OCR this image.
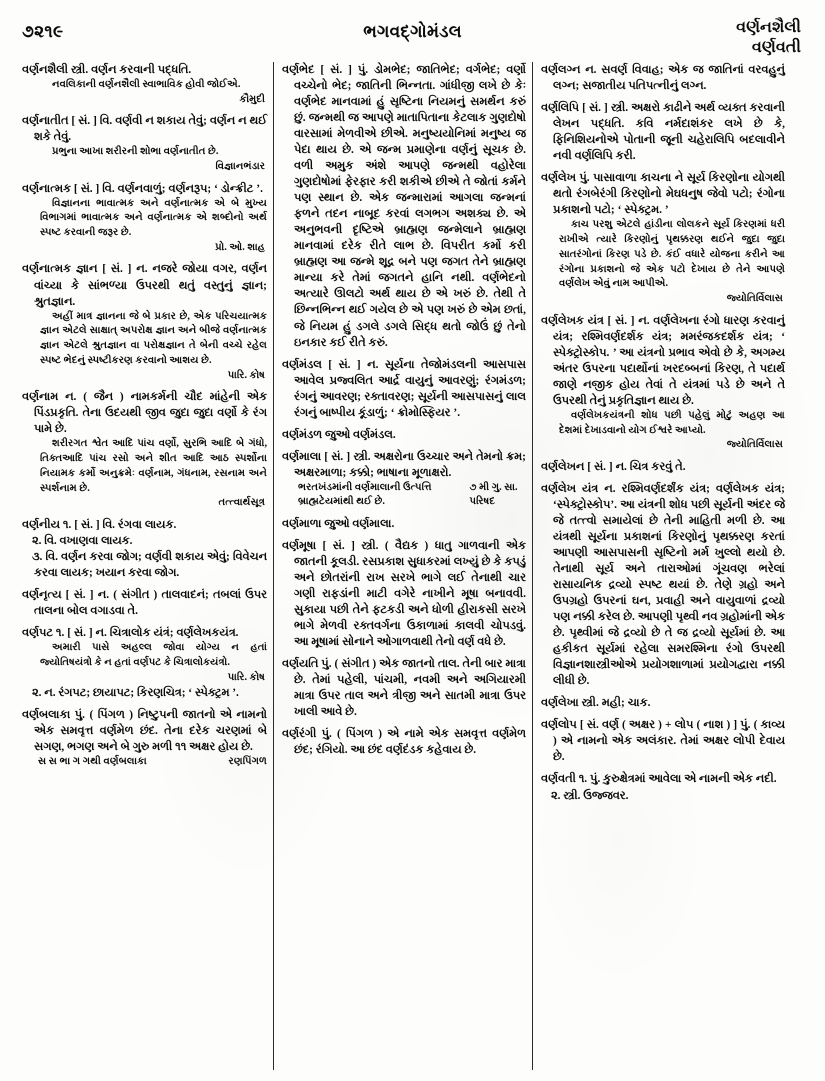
૭૨૧૯	ભગવદ્ગોમંડલ	વર્ણનશૈલી
વર્ણવતી

વર્ણનશૈલી સ્ત્રી. વર્ણન કરવાની પદ્ધતિ.

નવલિકાની વર્ણનશૈલી સ્વાભાવિક હોવી જોઈએ.

કૌમુદી

વર્ણનાતીત [ સં. ] વિ. વર્ણવી ન શકાય તેવું; વર્ણન ન થઈ શકે તેવું.

પ્રભુના આખા શરીરની શોભા વર્ણનાતીત છે.

વિજ્ઞાનભંડાર

વર્ણનાત્મક [ સં. ] વિ. વર્ણનવાળું; વર્ણનરૂપ; ‘ ડોન્ક્રીટ ’.

વિજ્ઞાનના ભાવાત્મક અને વર્ણનાત્મક એ બે મુખ્ય વિભાગમાં ભાવાત્મક અને વર્ણનાત્મક એ શબ્દોનો અર્થ સ્પષ્ટ કરવાની જરૂર છે.

પ્રો. ઓ. શાહ

વર્ણનાત્મક જ્ઞાન [ સં. ] ન. નજરે જોયા વગર, વર્ણન વાંચ્યા કે સાંભળ્યા ઉપરથી થતું વસ્તુનું જ્ઞાન; શ્રુતજ્ઞાન.

અહીં માત્ર જ્ઞાનના જે બે પ્રકાર છે, એક પરિચયાત્મક જ્ઞાન એટલે સાક્ષાત્ અપરોક્ષ જ્ઞાન અને બીજે વર્ણનાત્મક જ્ઞાન એટલે શ્રુતજ્ઞાન વા પરોક્ષજ્ઞાન તે બેની વચ્ચે રહેલ સ્પષ્ટ ભેદનું સ્પષ્ટીકરણ કરવાનો આશય છે.

પારિ. કોષ

વર્ણનામ ન. ( જૈન ) નામકર્મની ચૌદ માંહેની એક પિંડપ્રકૃતિ. તેના ઉદયથી જીવ જુદા જુદા વર્ણો કે રંગ પામે છે.

શરીરગત શ્વેત આદિ પાંચ વર્ણો, સુરભિ આદિ બે ગંધો, તિક્તઆદિ પાંચ રસો અને શીત આદિ આઠ સ્પર્શોના નિયામક કર્મો અનુક્રમેઃ વર્ણનામ, ગંધનામ, રસનામ અને સ્પર્શનામ છે.

તત્ત્વાર્થસૂત્ર

વર્ણનીય ૧. [ સં. ] વિ. રંગવા લાયક.

૨. વિ. વખાણવા લાયક.

૩. વિ. વર્ણન કરવા જોગ; વર્ણવી શકાય એવું; વિવેચન કરવા લાયક; ખયાન કરવા જોગ.

વર્ણનૃત્ય [ સં. ] ન. ( સંગીત ) તાલવાદનં; તબલાં ઉપર તાલના બોલ વગાડવા તે.

વર્ણપટ ૧. [ સં. ] ન. ચિત્રાલોક યંત્રં; વર્ણલેખકયંત્ર.

અમારી પાસે અહલ્લ જોવા યોગ્ય ન હતાં જ્યોતિષયંત્રો કે ન હતાં વર્ણપટ કે ચિત્રાલોકયંત્રો.

પારિ. કોષ

૨. ન. રંગપટ; છાયાપટ; કિરણચિત્ર; ‘ સ્પેક્ટ્રમ ’.

વર્ણબલાકા પું. ( પિંગળ ) નિષ્ટુપની જાતનો એ નામનો એક સમવૃત્ત વર્ણમેળ છંદ. તેના દરેક ચરણમાં બે સગણ, ભગણ અને બે ગુરુ મળી ૧૧ અક્ષર હોય છે.

સ સ ભા ગ ગથી વર્ણબલાકા	રણપિંગળ

વર્ણભેદ [ સં. ] પું. ડોમભેદ; જાતિભેદ; વર્ગભેદ; વર્ણો વચ્ચેનો ભેદ; જાતિની ભિન્નતા. ગાંધીજી લખે છે કેઃ વર્ણભેદ માનવામાં હું સૃષ્ટિના નિયમનું સમર્થન કરું છું. જન્મથી જ આપણે માતાપિતાના કેટલાક ગુણદોષો વારસામાં મેળવીએ છીએ. મનુષ્યયોનિમાં મનુષ્ય જ પેદા થાય છે. એ જન્મ પ્રમાણેના વર્ણનું સૂચક છે. વળી અમુક અંશે આપણે જન્મથી વહોરેલા ગુણદોષોમાં ફેરફાર કરી શકીએ છીએ તે જોતાં કર્મને પણ સ્થાન છે. એક જન્મારામાં આગલા જન્મનાં ફળને તદન નાબૂદ કરવાં લગભગ અશક્ય છે. એ અનુભવની દૃષ્ટિએ બ્રાહ્મણ જન્મેલાને બ્રાહ્મણ માનવામાં દરેક રીતે લાભ છે. વિપરીત કર્મો કરી બ્રાહ્મણ આ જન્મે શૂદ્ર બને પણ જગત તેને બ્રાહ્મણ માન્યા કરે તેમાં જગતને હાનિ નથી. વર્ણભેદનો અત્યારે ઊલટો અર્થ થાય છે એ ખરું છે. તેથી તે છિન્નભિન્ન થઈ ગયેલ છે એ પણ ખરું છે એમ છતાં, જે નિયમ હું ડગલે ડગલે સિદ્ધ થતો જોઉં છું તેનો ઇનકાર કઈ રીતે કરું.

વર્ણમંડલ [ સં. ] ન. સૂર્યના તેજોમંડલની આસપાસ આવેલ પ્રજ્વલિત આર્દ્ર વાયુનું આવરણું; રંગમંડળ; રંગનું આવરણ; રક્તાવરણ; સૂર્યની આસપાસનું લાલ રંગનું બાષ્પીય કૂંડાળું; ‘ ક્રોમોસ્ફિયર ’.

વર્ણમંડળ જુઓ વર્ણમંડલ.

વર્ણમાલા [ સં. ] સ્ત્રી. અક્ષરોના ઉચ્ચાર અને તેમનો ક્રમ; અક્ષરમાળા; કક્કો; ભાષાના મૂળાક્ષરો.

ભરતખંડમાંની વર્ણમાલાની ઉત્પત્તિ બ્રાહ્મટેયમાંથી થઈ છે.
૭ મી ગુ. સા. પરિષદ

વર્ણમાળા જુઓ વર્ણમાલા.

વર્ણમૂષા [ સં. ] સ્ત્રી. ( વૈદ્યક ) ધાતુ ગાળવાની એક જાતની કૂલડી. રસપ્રકાશ સુધાકરમાં લખ્યું છે કે કપડું અને છોતરાંની રાખ સરખે ભાગે લઈ તેનાથી ચાર ગણી રાફડાંની માટી વગેરે નાખીને મૂષા બનાવવી. સુકાયા પછી તેને ફટકડી અને ધોળી હીરાકસી સરખે ભાગે મેળવી રક્તવર્ગના ઉકાળામાં કાલવી ચોપડવું. આ મૂષામાં સોનાને ઓગાળવાથી તેનો વર્ણ વધે છે.

વર્ણયતિ પું. ( સંગીત ) એક જાતનો તાલ. તેની બાર માત્રા છે. તેમાં પહેલી, પાંચમી, નવમી અને અગિયારમી માત્રા ઉપર તાલ અને ત્રીજી અને સાતમી માત્રા ઉપર ખાલી આવે છે.

વર્ણરંગી પું. ( પિંગળ ) એ નામે એક સમવૃત્ત વર્ણમેળ છંદ; રંગિયો. આ છંદ વર્ણદંડક કહેવાય છે.

વર્ણલગ્ન ન. સવર્ણ વિવાહ; એક જ જાતિનાં વરવહુનું લગ્ન; સજાતીય પતિપત્નીનું લગ્ન.

વર્ણલિપિ [ સં. ] સ્ત્રી. અક્ષરો કાઢીને અર્થ વ્યક્ત કરવાની લેખન પદ્ધતિ. કવિ નર્મદાશંકર લખે છે કે, ફિનિશિયનોએ પોતાની જૂની ચહેરાલિપિ બદલાવીને નવી વર્ણલિપિ કરી.

વર્ણલેખ પું. પાસાવાળા કાચના ને સૂર્ય કિરણોના યોગથી થતો રંગબેરંગી કિરણોનો મેઘધનુષ જેવો પટો; રંગોના પ્રકાશનો પટો; ‘ સ્પેક્ટ્રમ. ’

કાચ પરશુ એટલે હાંડીના લોલકને સૂર્ય કિરણમાં ધરી રાખીએ ત્યારે કિરણોનું પૃથક્કરણ થઈને જુદા જુદા સાતરંગોનાં કિરણ પડે છે. કંઈ વધારે યોજના કરીને આ રંગોના પ્રકાશનો જે એક પટો દેખાય છે તેને આપણે વર્ણલેખ એવું નામ આપીએ.

જ્યોતિર્વિલાસ

વર્ણલેખક યંત્ર [ સં. ] ન. વર્ણલેખના રંગો ધારણ કરવાનું યંત્ર; રશ્મિવર્ણદર્શક યંત્ર; મમરંજકદર્શક યંત્ર; ‘ સ્પેક્ટ્રોસ્કોપ. ’ આ યંત્રનો પ્રભાવ એવો છે કે, અગમ્ય અંતર ઉપરના પદાર્થોનાં ખરદબ્બનાં કિરણ, તે પદાર્થ જાણે નજીક હોય તેવાં તે યંત્રમાં પડે છે અને તે ઉપરથી તેનું પ્રકૃતિજ્ઞાન થાય છે.

વર્ણલેખકયંત્રની શોધ પછી પહેલું મોટું અહણ આ દેશમાં દેખાડવાનો યોગ ઈશ્વરે આપ્યો.

જ્યોતિર્વિલાસ

વર્ણલેખન [ સં. ] ન. ચિત્ર કરવું તે.

વર્ણલેખ યંત્ર ન. રશ્મિવર્ણદર્શંક યંત્ર; વર્ણલેખક યંત્ર; ‘સ્પેક્ટ્રોસ્કોપ’. આ યંત્રની શોધ પછી સૂર્યની અંદર જે જે તત્ત્વો સમાયેલાં છે તેની માહિતી મળી છે. આ યંત્રથી સૂર્યના પ્રકાશનાં કિરણોનું પૃથક્કરણ કરતાં આપણી આસપાસની સૃષ્ટિનો મર્મ ખુલ્લો થયો છે. તેનાથી સૂર્ય અને તારાઓમાં ગૂંચવણ ભરેલાં રાસાયનિક દ્રવ્યો સ્પષ્ટ થયાં છે. તેણે ગ્રહો અને ઉપગ્રહો ઉપરનાં ઘન, પ્રવાહી અને વાયુવાળાં દ્રવ્યો પણ નક્કી કરેલ છે. આપણી પૃથ્વી નવ ગ્રહોમાંની એક છે. પૃથ્વીમાં જે દ્રવ્યો છે તે જ દ્રવ્યો સૂર્યમાં છે. આ હકીકત સૂર્યમાં રહેલા સમરશ્મિના રંગો ઉપરથી વિજ્ઞાનશાસ્ત્રીઓએ પ્રયોગશાળામાં પ્રયોગદ્વારા નક્કી લીધી છે.

વર્ણલેખા સ્ત્રી. મહી; ચાક.

વર્ણલોપ [ સં. વર્ણ ( અક્ષર ) + લોપ ( નાશ ) ] પું. ( કાવ્ય ) એ નામનો એક અલંકાર. તેમાં અક્ષર લોપી દેવાય છે.

વર્ણવતી ૧. પું. કુરુક્ષેત્રમાં આવેલા એ નામની એક નદી.

૨. સ્ત્રી. ઉજ્જવર.
